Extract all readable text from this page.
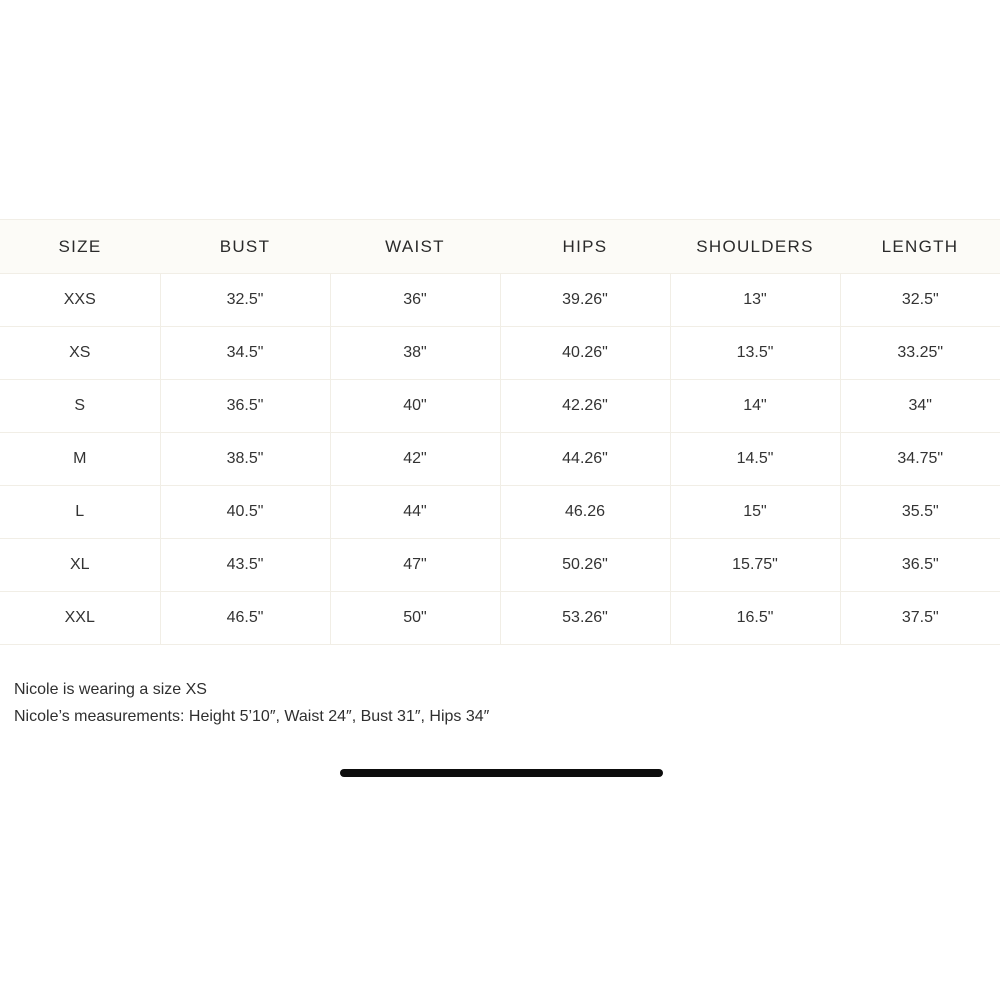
SIZE	BUST	WAIST	HIPS	SHOULDERS	LENGTH
XXS	32.5"	36"	39.26"	13"	32.5"
XS	34.5"	38"	40.26"	13.5"	33.25"
S	36.5"	40"	42.26"	14"	34"
M	38.5"	42"	44.26"	14.5"	34.75"
L	40.5"	44"	46.26	15"	35.5"
XL	43.5"	47"	50.26"	15.75"	36.5"
XXL	46.5"	50"	53.26"	16.5"	37.5"
Nicole is wearing a size XS
Nicole’s measurements: Height 5’10″, Waist 24″, Bust 31″, Hips 34″
